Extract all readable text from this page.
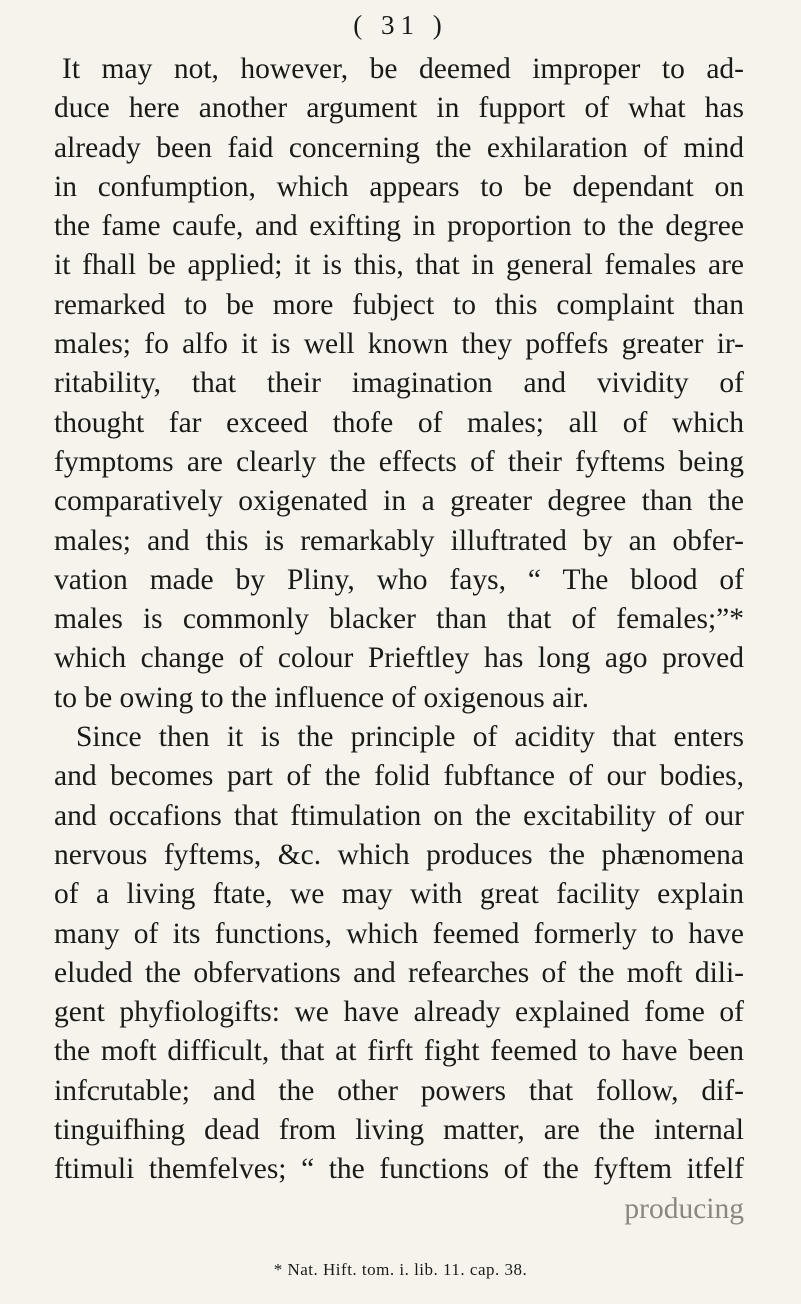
( 31 )
It may not, however, be deemed improper to ad-
duce here another argument in fupport of what has
already been faid concerning the exhilaration of mind
in confumption, which appears to be dependant on
the fame caufe, and exifting in proportion to the degree
it fhall be applied; it is this, that in general females are
remarked to be more fubject to this complaint than
males; fo alfo it is well known they poffefs greater ir-
ritability, that their imagination and vividity of
thought far exceed thofe of males; all of which
fymptoms are clearly the effects of their fyftems being
comparatively oxigenated in a greater degree than the
males; and this is remarkably illuftrated by an obfer-
vation made by Pliny, who fays, “ The blood of
males is commonly blacker than that of females;”*
which change of colour Prieftley has long ago proved
to be owing to the influence of oxigenous air.
Since then it is the principle of acidity that enters
and becomes part of the folid fubftance of our bodies,
and occafions that ftimulation on the excitability of our
nervous fyftems, &c. which produces the phænomena
of a living ftate, we may with great facility explain
many of its functions, which feemed formerly to have
eluded the obfervations and refearches of the moft dili-
gent phyfiologifts: we have already explained fome of
the moft difficult, that at firft fight feemed to have been
infcrutable; and the other powers that follow, dif-
tinguifhing dead from living matter, are the internal
ftimuli themfelves; “ the functions of the fyftem itfelf
producing
* Nat. Hift. tom. i. lib. 11. cap. 38.
